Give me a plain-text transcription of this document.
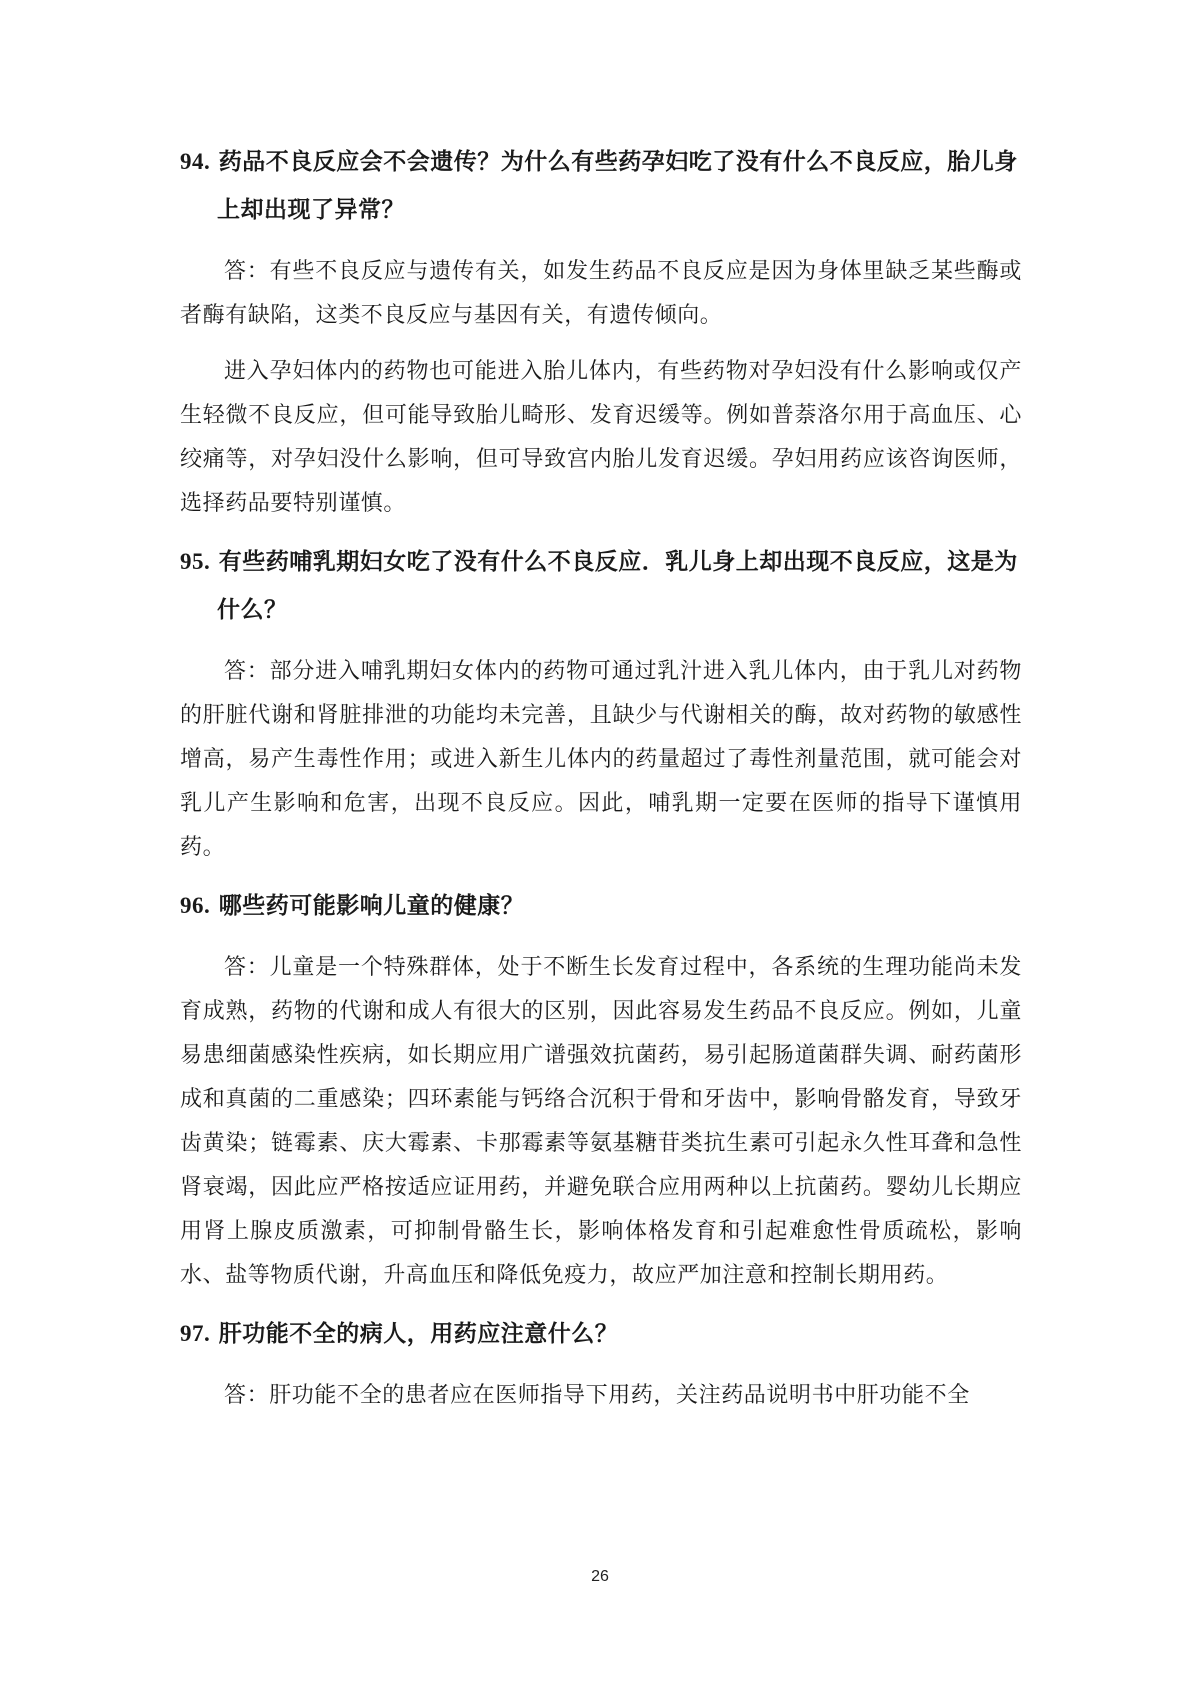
94. 药品不良反应会不会遗传？为什么有些药孕妇吃了没有什么不良反应，胎儿身上却出现了异常？

答：有些不良反应与遗传有关，如发生药品不良反应是因为身体里缺乏某些酶或者酶有缺陷，这类不良反应与基因有关，有遗传倾向。

进入孕妇体内的药物也可能进入胎儿体内，有些药物对孕妇没有什么影响或仅产生轻微不良反应，但可能导致胎儿畸形、发育迟缓等。例如普萘洛尔用于高血压、心绞痛等，对孕妇没什么影响，但可导致宫内胎儿发育迟缓。孕妇用药应该咨询医师，选择药品要特别谨慎。

95. 有些药哺乳期妇女吃了没有什么不良反应．乳儿身上却出现不良反应，这是为什么？

答：部分进入哺乳期妇女体内的药物可通过乳汁进入乳儿体内，由于乳儿对药物的肝脏代谢和肾脏排泄的功能均未完善，且缺少与代谢相关的酶，故对药物的敏感性增高，易产生毒性作用；或进入新生儿体内的药量超过了毒性剂量范围，就可能会对乳儿产生影响和危害，出现不良反应。因此，哺乳期一定要在医师的指导下谨慎用药。

96. 哪些药可能影响儿童的健康？

答：儿童是一个特殊群体，处于不断生长发育过程中，各系统的生理功能尚未发育成熟，药物的代谢和成人有很大的区别，因此容易发生药品不良反应。例如，儿童易患细菌感染性疾病，如长期应用广谱强效抗菌药，易引起肠道菌群失调、耐药菌形成和真菌的二重感染；四环素能与钙络合沉积于骨和牙齿中，影响骨骼发育，导致牙齿黄染；链霉素、庆大霉素、卡那霉素等氨基糖苷类抗生素可引起永久性耳聋和急性肾衰竭，因此应严格按适应证用药，并避免联合应用两种以上抗菌药。婴幼儿长期应用肾上腺皮质激素，可抑制骨骼生长，影响体格发育和引起难愈性骨质疏松，影响水、盐等物质代谢，升高血压和降低免疫力，故应严加注意和控制长期用药。

97. 肝功能不全的病人，用药应注意什么？

答：肝功能不全的患者应在医师指导下用药，关注药品说明书中肝功能不全

26
